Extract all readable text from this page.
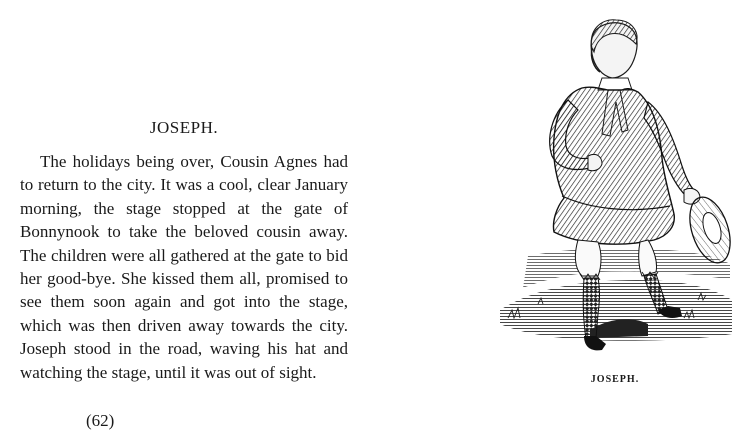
JOSEPH.

The holidays being over, Cousin Agnes had to return to the city. It was a cool, clear January morning, the stage stopped at the gate of Bonnynook to take the beloved cousin away. The children were all gathered at the gate to bid her good-bye. She kissed them all, promised to see them soon again and got into the stage, which was then driven away towards the city. Joseph stood in the road, waving his hat and watching the stage, until it was out of sight.

(62)
JOSEPH.
